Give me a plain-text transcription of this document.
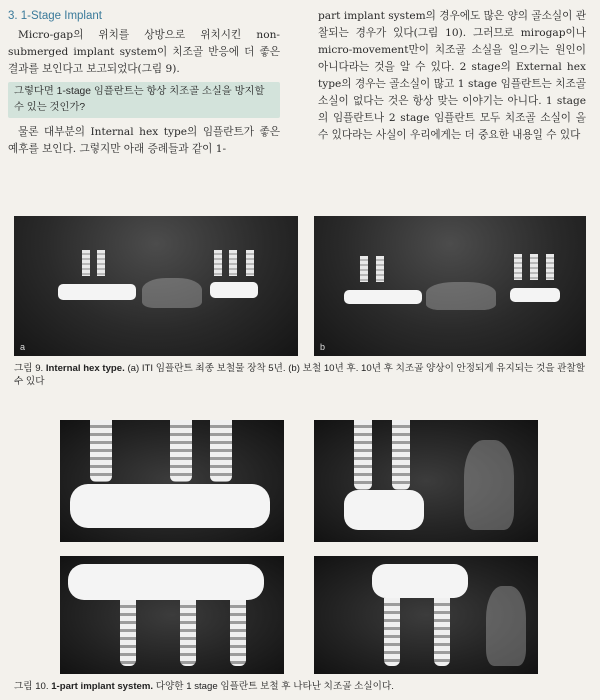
3. 1-Stage Implant
Micro-gap의 위치를 상방으로 위치시킨 non-submerged implant system이 치조골 반응에 더 좋은 결과를 보인다고 보고되었다(그림 9).
그렇다면 1-stage 임플란트는 항상 치조골 소실을 방지할 수 있는 것인가?
물론 대부분의 Internal hex type의 임플란트가 좋은 예후를 보인다. 그렇지만 아래 증례들과 같이 1-
part implant system의 경우에도 많은 양의 골소실이 관찰되는 경우가 있다(그림 10). 그러므로 mirogap이나 micro-movement만이 치조골 소실을 일으키는 원인이 아니다라는 것을 알 수 있다. 2 stage의 External hex type의 경우는 골소실이 많고 1 stage 임플란트는 치조골 소실이 없다는 것은 항상 맞는 이야기는 아니다. 1 stage의 임플란트나 2 stage 임플란트 모두 치조골 소실이 올 수 있다라는 사실이 우리에게는 더 중요한 내용일 수 있다
a	b
그림 9. Internal hex type. (a) ITI 임플란트 최종 보철물 장착 5년. (b) 보철 10년 후. 10년 후 치조골 양상이 안정되게 유지되는 것을 관찰할 수 있다
그림 10. 1-part implant system. 다양한 1 stage 임플란트 보철 후 나타난 치조골 소실이다.
